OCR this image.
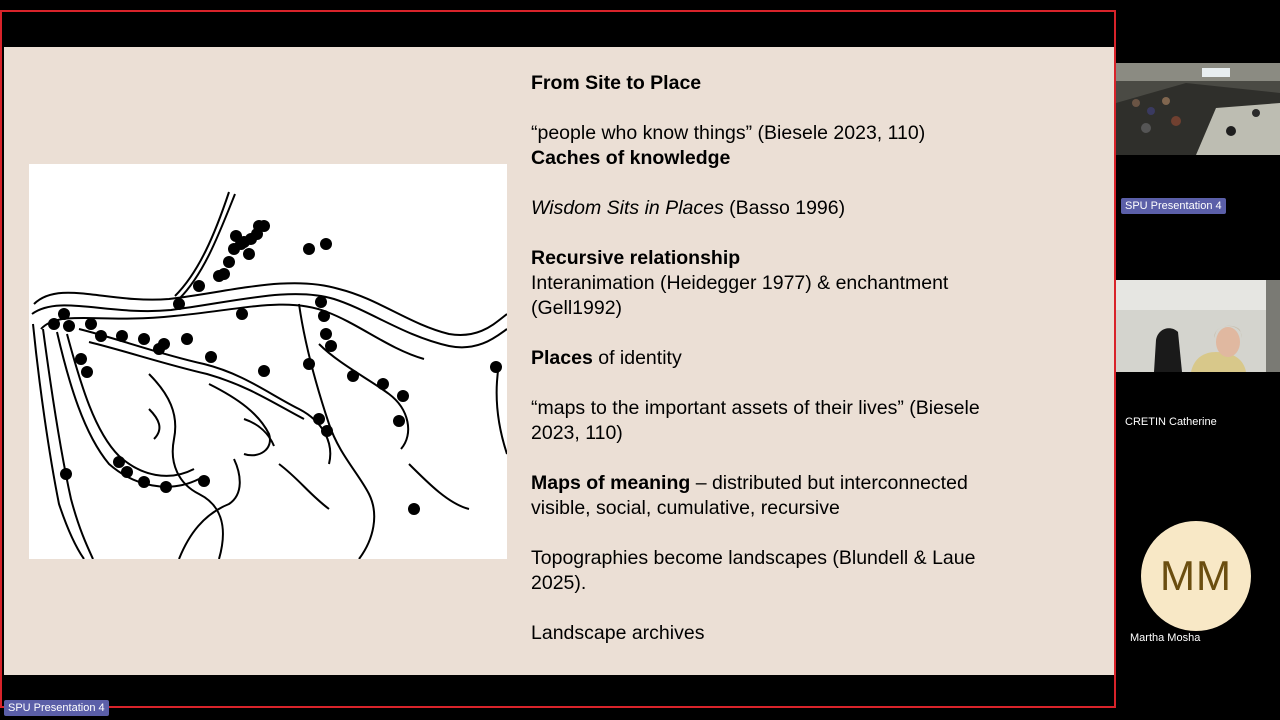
From Site to Place

“people who know things” (Biesele 2023, 110)

Caches of knowledge

Wisdom Sits in Places (Basso 1996)

Recursive relationship

Interanimation (Heidegger 1977) & enchantment

(Gell1992)

Places of identity

“maps to the important assets of their lives” (Biesele

2023, 110)

Maps of meaning – distributed but interconnected

visible, social, cumulative, recursive

Topographies become landscapes (Blundell & Laue

2025).

Landscape archives

SPU Presentation 4
SPU Presentation 4
CRETIN Catherine
MM
Martha Mosha
